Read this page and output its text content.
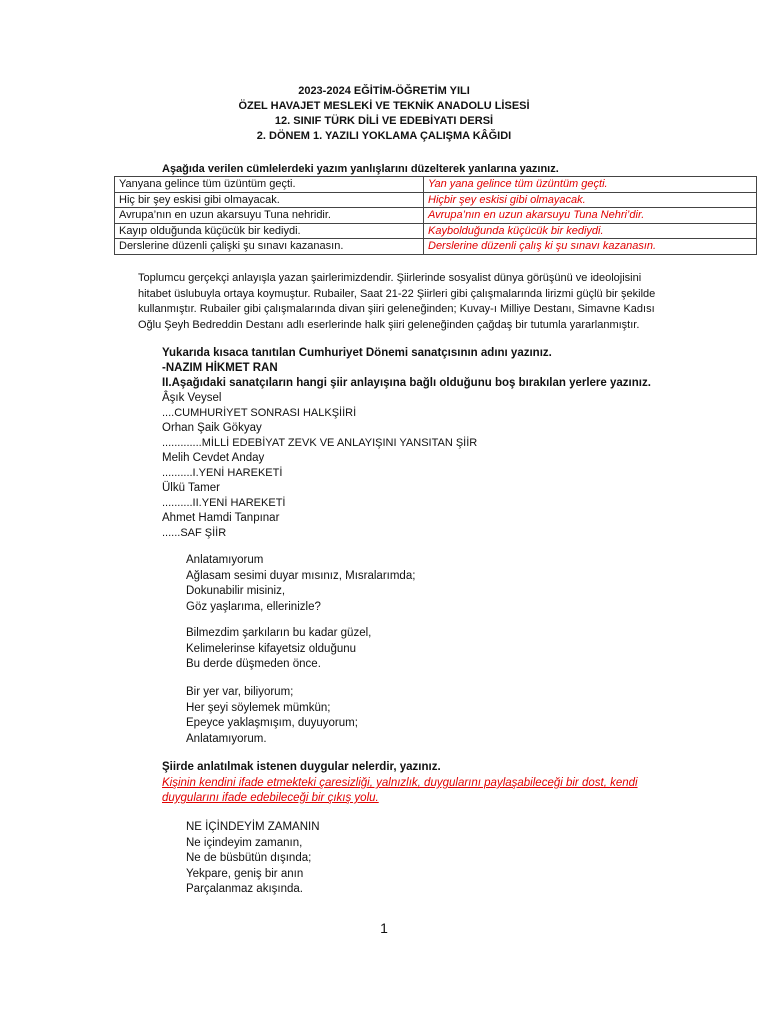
2023-2024 EĞİTİM-ÖĞRETİM YILI
ÖZEL HAVAJET MESLEKİ VE TEKNİK ANADOLU LİSESİ
12. SINIF TÜRK DİLİ VE EDEBİYATI DERSİ
2. DÖNEM 1. YAZILI YOKLAMA ÇALIŞMA KÂĞIDI
Aşağıda verilen cümlelerdeki yazım yanlışlarını düzelterek yanlarına yazınız.
Yanyana gelince tüm üzüntüm geçti.	Yan yana gelince tüm üzüntüm geçti.
Hiç bir şey eskisi gibi olmayacak.	Hiçbir şey eskisi gibi olmayacak.
Avrupa’nın en uzun akarsuyu Tuna nehridir.	Avrupa’nın en uzun akarsuyu Tuna Nehri’dir.
Kayıp olduğunda küçücük bir kediydi.	Kaybolduğunda küçücük bir kediydi.
Derslerine düzenli çalişki şu sınavı kazanasın.	Derslerine düzenli çalış ki şu sınavı kazanasın.
Toplumcu gerçekçi anlayışla yazan şairlerimizdendir. Şiirlerinde sosyalist dünya görüşünü ve ideolojisini hitabet üslubuyla ortaya koymuştur. Rubailer, Saat 21-22 Şiirleri gibi çalışmalarında lirizmi güçlü bir şekilde kullanmıştır. Rubailer gibi çalışmalarında divan şiiri geleneğinden; Kuvay-ı Milliye Destanı, Simavne Kadısı Oğlu Şeyh Bedreddin Destanı adlı eserlerinde halk şiiri geleneğinden çağdaş bir tutumla yararlanmıştır.
Yukarıda kısaca tanıtılan Cumhuriyet Dönemi sanatçısının adını yazınız.
-NAZIM HİKMET RAN
II.Aşağıdaki sanatçıların hangi şiir anlayışına bağlı olduğunu boş bırakılan yerlere yazınız.
Âşık Veysel
....CUMHURİYET SONRASI HALKŞİİRİ
Orhan Şaik Gökyay
.............MİLLİ EDEBİYAT ZEVK VE ANLAYIŞINI YANSITAN ŞİİR
Melih Cevdet Anday
..........I.YENİ HAREKETİ
Ülkü Tamer
..........II.YENİ HAREKETİ
Ahmet Hamdi Tanpınar
......SAF ŞİİR
Anlatamıyorum
Ağlasam sesimi duyar mısınız, Mısralarımda;
Dokunabilir misiniz,
Göz yaşlarıma, ellerinizle?
Bilmezdim şarkıların bu kadar güzel,
Kelimelerinse kifayetsiz olduğunu
Bu derde düşmeden önce.
Bir yer var, biliyorum;
Her şeyi söylemek mümkün;
Epeyce yaklaşmışım, duyuyorum;
Anlatamıyorum.
Şiirde anlatılmak istenen duygular nelerdir, yazınız.
Kişinin kendini ifade etmekteki çaresizliği, yalnızlık, duygularını paylaşabileceği bir dost, kendi
duygularını ifade edebileceği bir çıkış yolu.
NE İÇİNDEYİM ZAMANIN
Ne içindeyim zamanın,
Ne de büsbütün dışında;
Yekpare, geniş bir anın
Parçalanmaz akışında.
1
